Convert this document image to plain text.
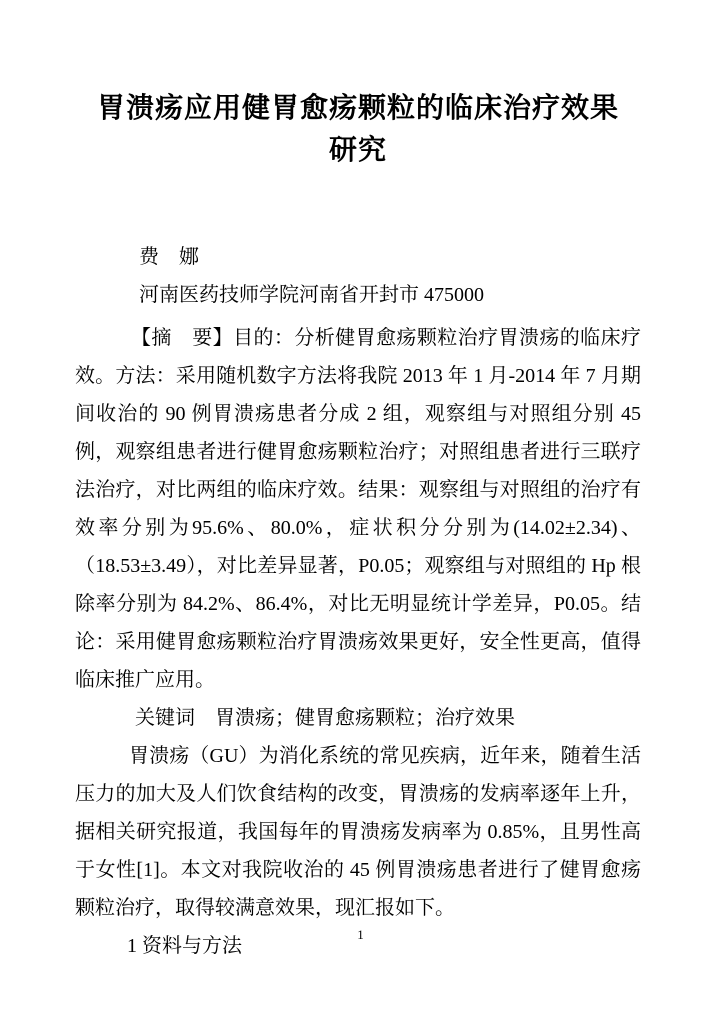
胃溃疡应用健胃愈疡颗粒的临床治疗效果
研究

费　娜

河南医药技师学院河南省开封市 475000

【摘　要】目的：分析健胃愈疡颗粒治疗胃溃疡的临床疗效。方法：采用随机数字方法将我院 2013 年 1 月-2014 年 7 月期间收治的 90 例胃溃疡患者分成 2 组，观察组与对照组分别 45 例，观察组患者进行健胃愈疡颗粒治疗；对照组患者进行三联疗法治疗，对比两组的临床疗效。结果：观察组与对照组的治疗有效率分别为95.6%、80.0%，症状积分分别为(14.02±2.34)、（18.53±3.49），对比差异显著，P0.05；观察组与对照组的 Hp 根除率分别为 84.2%、86.4%，对比无明显统计学差异，P0.05。结论：采用健胃愈疡颗粒治疗胃溃疡效果更好，安全性更高，值得临床推广应用。

关键词　胃溃疡；健胃愈疡颗粒；治疗效果

胃溃疡（GU）为消化系统的常见疾病，近年来，随着生活压力的加大及人们饮食结构的改变，胃溃疡的发病率逐年上升，据相关研究报道，我国每年的胃溃疡发病率为 0.85%，且男性高于女性[1]。本文对我院收治的 45 例胃溃疡患者进行了健胃愈疡颗粒治疗，取得较满意效果，现汇报如下。

1 资料与方法

1
